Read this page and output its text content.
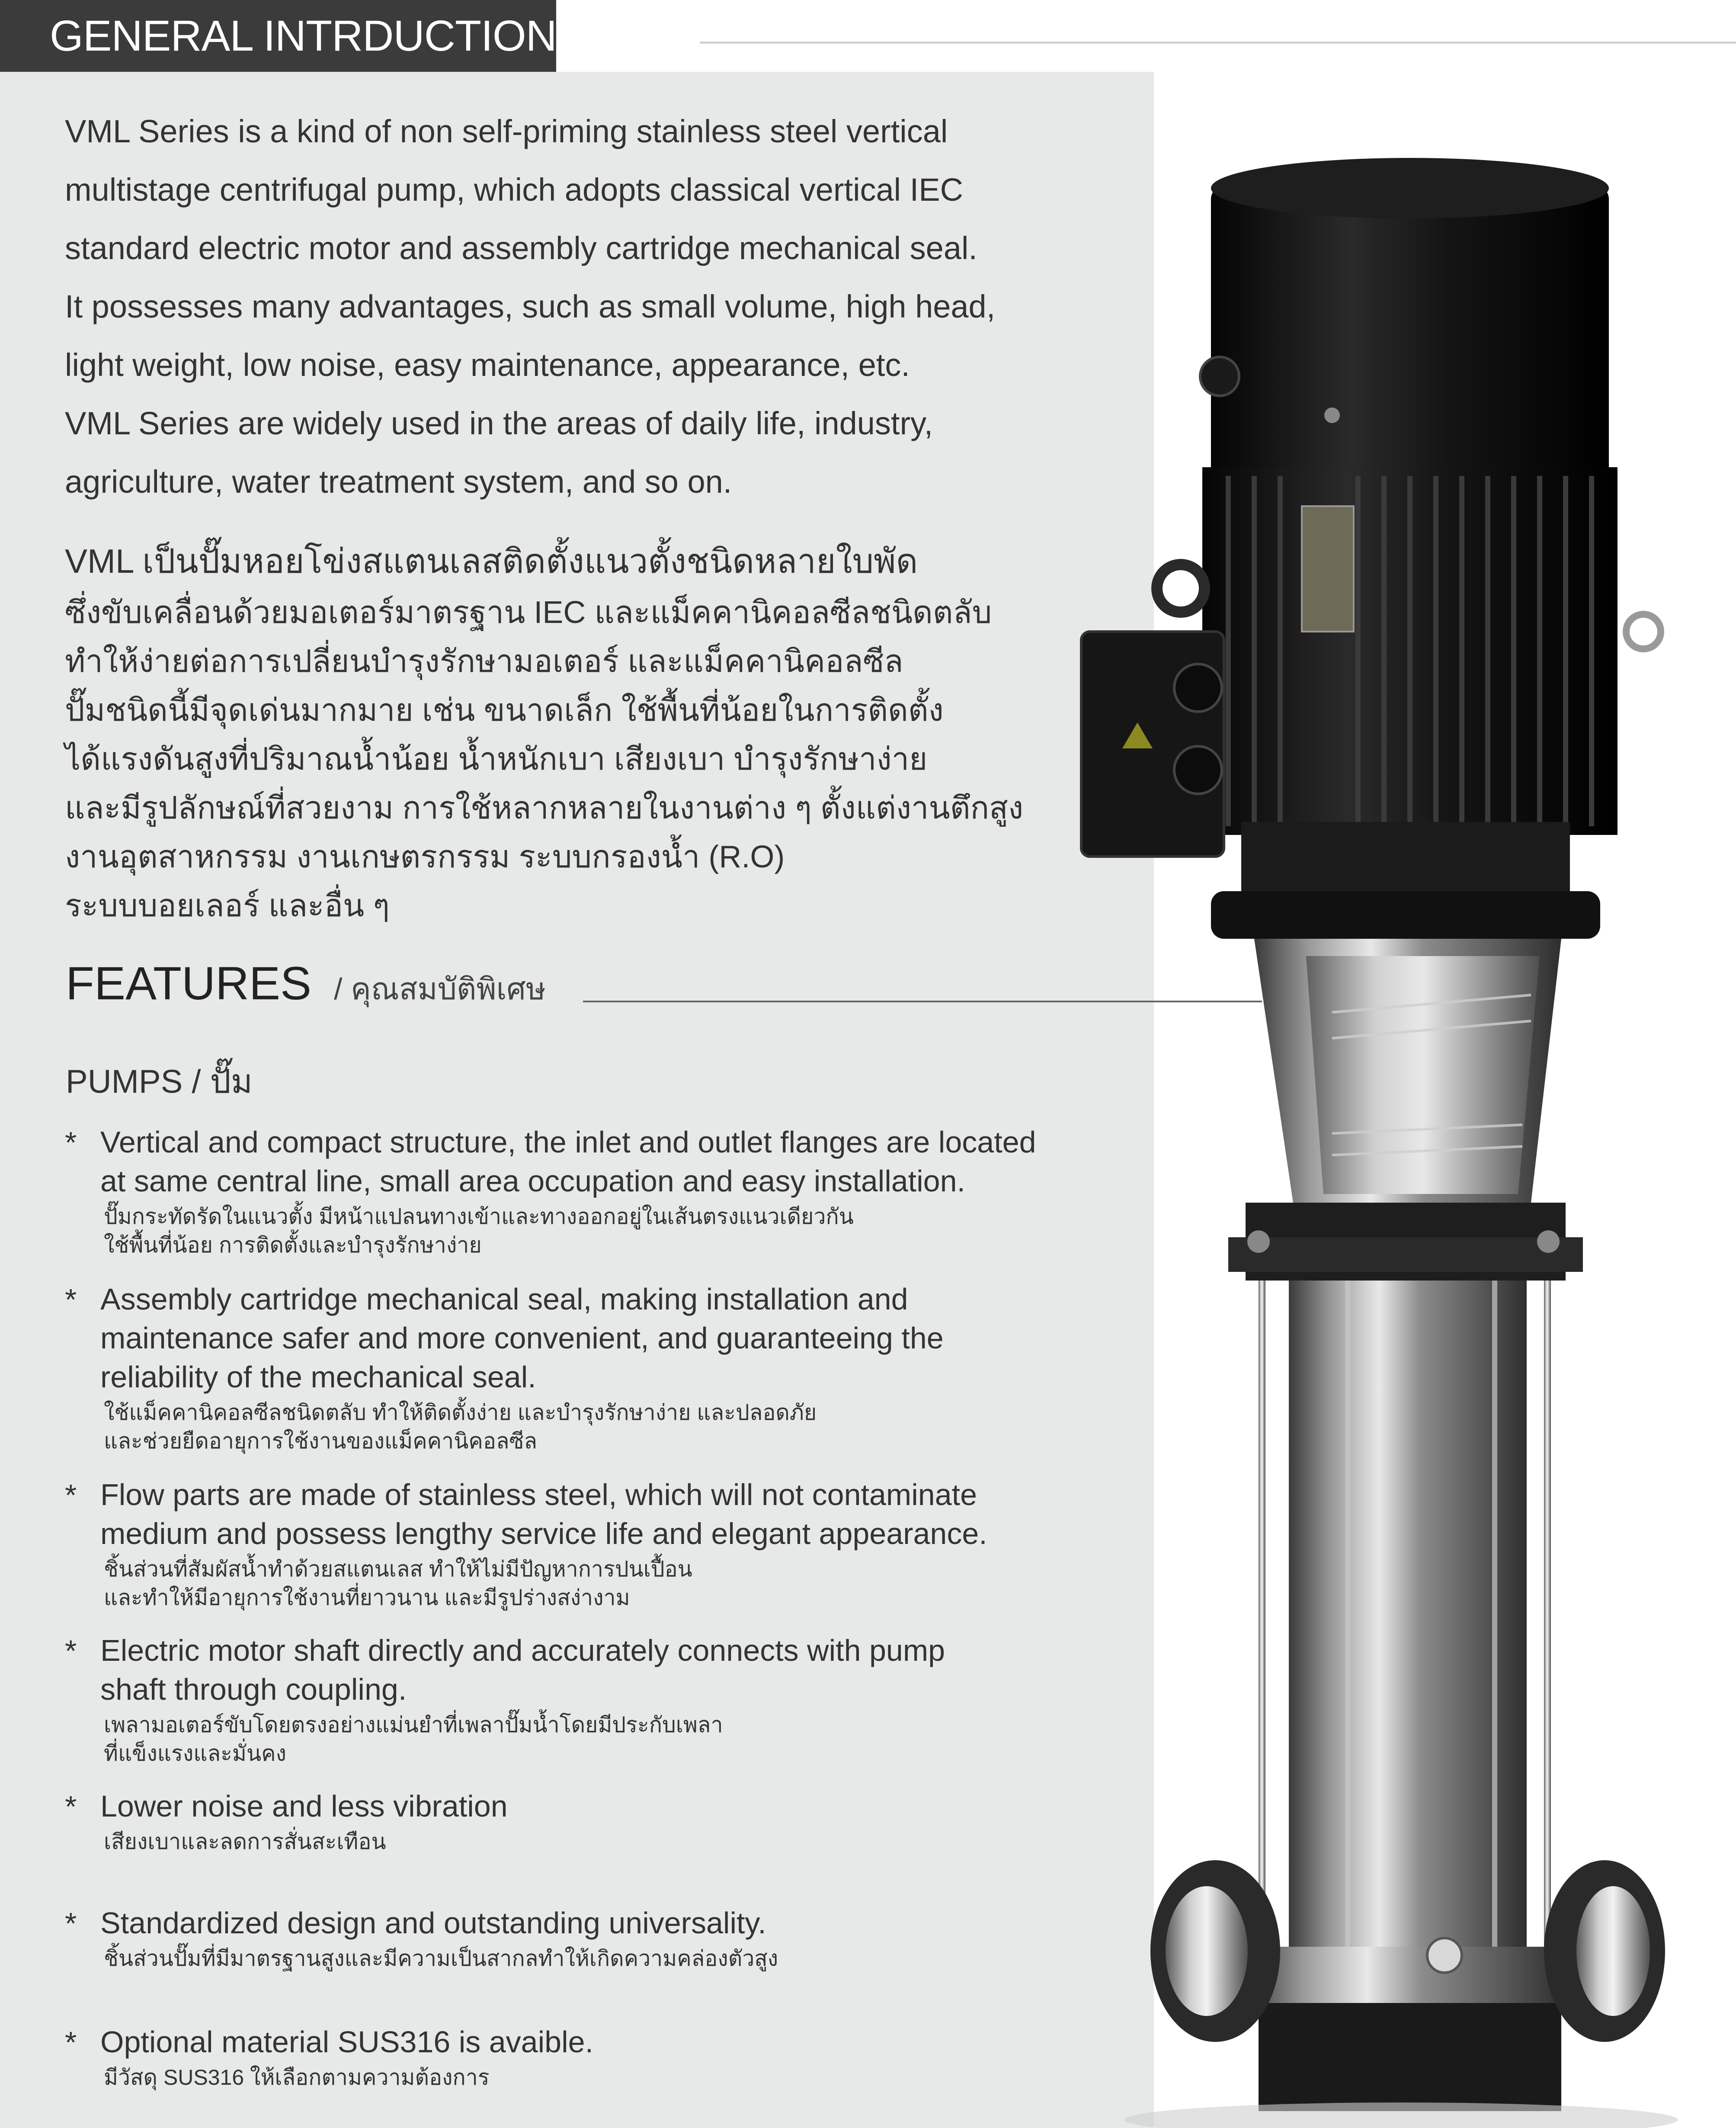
GENERAL INTRDUCTION
VML Series is a kind of non self-priming stainless steel vertical
multistage centrifugal pump, which adopts classical vertical IEC
standard electric motor and assembly cartridge mechanical seal.
It possesses many advantages, such as small volume, high head,
light weight, low noise, easy maintenance, appearance, etc.
VML Series are widely used in the areas of daily life, industry,
agriculture, water treatment system, and so on.
VML เป็นปั๊มหอยโข่งสแตนเลสติดตั้งแนวตั้งชนิดหลายใบพัด
ซึ่งขับเคลื่อนด้วยมอเตอร์มาตรฐาน IEC และแม็คคานิคอลซีลชนิดตลับ
ทำให้ง่ายต่อการเปลี่ยนบำรุงรักษามอเตอร์ และแม็คคานิคอลซีล
ปั๊มชนิดนี้มีจุดเด่นมากมาย เช่น ขนาดเล็ก ใช้พื้นที่น้อยในการติดตั้ง
ได้แรงดันสูงที่ปริมาณน้ำน้อย น้ำหนักเบา เสียงเบา บำรุงรักษาง่าย
และมีรูปลักษณ์ที่สวยงาม การใช้หลากหลายในงานต่าง ๆ ตั้งแต่งานตึกสูง
งานอุตสาหกรรม งานเกษตรกรรม ระบบกรองน้ำ (R.O)
ระบบบอยเลอร์ และอื่น ๆ
FEATURES / คุณสมบัติพิเศษ
PUMPS / ปั๊ม
* Vertical and compact structure, the inlet and outlet flanges are located
at same central line, small area occupation and easy installation.
ปั๊มกระทัดรัดในแนวตั้ง มีหน้าแปลนทางเข้าและทางออกอยู่ในเส้นตรงแนวเดียวกัน
ใช้พื้นที่น้อย การติดตั้งและบำรุงรักษาง่าย
* Assembly cartridge mechanical seal, making installation and
maintenance safer and more convenient, and guaranteeing the
reliability of the mechanical seal.
ใช้แม็คคานิคอลซีลชนิดตลับ ทำให้ติดตั้งง่าย และบำรุงรักษาง่าย และปลอดภัย
และช่วยยืดอายุการใช้งานของแม็คคานิคอลซีล
* Flow parts are made of stainless steel, which will not contaminate
medium and possess lengthy service life and elegant appearance.
ชิ้นส่วนที่สัมผัสน้ำทำด้วยสแตนเลส ทำให้ไม่มีปัญหาการปนเปื้อน
และทำให้มีอายุการใช้งานที่ยาวนาน และมีรูปร่างสง่างาม
* Electric motor shaft directly and accurately connects with pump
shaft through coupling.
เพลามอเตอร์ขับโดยตรงอย่างแม่นยำที่เพลาปั๊มน้ำโดยมีประกับเพลา
ที่แข็งแรงและมั่นคง
* Lower noise and less vibration
เสียงเบาและลดการสั่นสะเทือน
* Standardized design and outstanding universality.
ชิ้นส่วนปั๊มที่มีมาตรฐานสูงและมีความเป็นสากลทำให้เกิดความคล่องตัวสูง
* Optional material SUS316 is avaible.
มีวัสดุ SUS316 ให้เลือกตามความต้องการ
